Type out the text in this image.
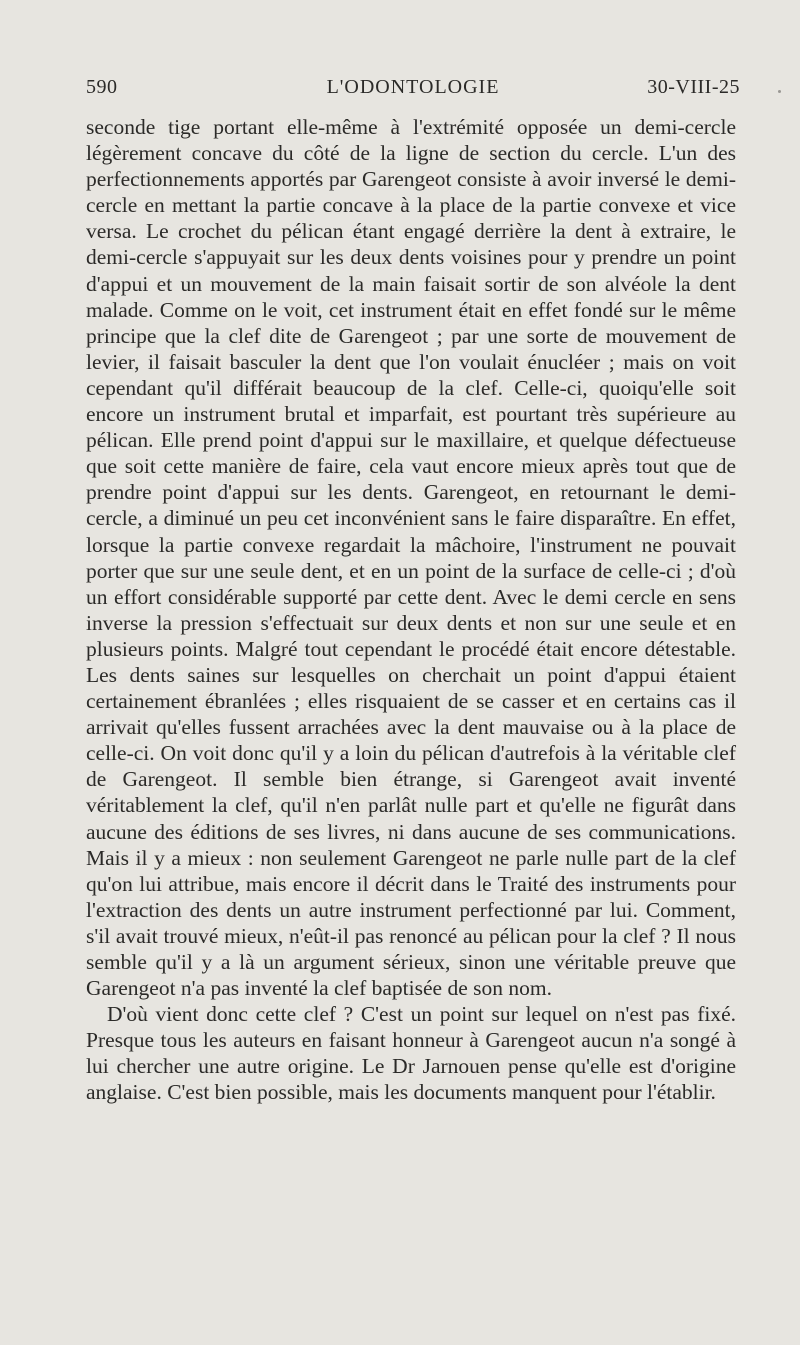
590	L'ODONTOLOGIE	30-VIII-25

seconde tige portant elle-même à l'extrémité opposée un demi-cercle légèrement concave du côté de la ligne de section du cercle. L'un des perfectionnements apportés par Garengeot consiste à avoir inversé le demi-cercle en mettant la partie concave à la place de la partie convexe et vice versa. Le crochet du pélican étant engagé derrière la dent à extraire, le demi-cercle s'appuyait sur les deux dents voisines pour y prendre un point d'appui et un mouvement de la main faisait sortir de son alvéole la dent malade. Comme on le voit, cet instrument était en effet fondé sur le même principe que la clef dite de Garengeot ; par une sorte de mouvement de levier, il faisait basculer la dent que l'on voulait énucléer ; mais on voit cependant qu'il différait beaucoup de la clef. Celle-ci, quoiqu'elle soit encore un instrument brutal et imparfait, est pourtant très supérieure au pélican. Elle prend point d'appui sur le maxillaire, et quelque défectueuse que soit cette manière de faire, cela vaut encore mieux après tout que de prendre point d'appui sur les dents. Garengeot, en retournant le demi-cercle, a diminué un peu cet inconvénient sans le faire disparaître. En effet, lorsque la partie convexe regardait la mâchoire, l'instrument ne pouvait porter que sur une seule dent, et en un point de la surface de celle-ci ; d'où un effort considérable supporté par cette dent. Avec le demi cercle en sens inverse la pression s'effectuait sur deux dents et non sur une seule et en plusieurs points. Malgré tout cependant le procédé était encore détestable. Les dents saines sur lesquelles on cherchait un point d'appui étaient certainement ébranlées ; elles risquaient de se casser et en certains cas il arrivait qu'elles fussent arrachées avec la dent mauvaise ou à la place de celle-ci. On voit donc qu'il y a loin du pélican d'autrefois à la véritable clef de Garengeot. Il semble bien étrange, si Garengeot avait inventé véritablement la clef, qu'il n'en parlât nulle part et qu'elle ne figurât dans aucune des éditions de ses livres, ni dans aucune de ses communications. Mais il y a mieux : non seulement Garengeot ne parle nulle part de la clef qu'on lui attribue, mais encore il décrit dans le Traité des instruments pour l'extraction des dents un autre instrument perfectionné par lui. Comment, s'il avait trouvé mieux, n'eût-il pas renoncé au pélican pour la clef ? Il nous semble qu'il y a là un argument sérieux, sinon une véritable preuve que Garengeot n'a pas inventé la clef baptisée de son nom.

D'où vient donc cette clef ? C'est un point sur lequel on n'est pas fixé. Presque tous les auteurs en faisant honneur à Garengeot aucun n'a songé à lui chercher une autre origine. Le Dr Jarnouen pense qu'elle est d'origine anglaise. C'est bien possible, mais les documents manquent pour l'établir.
